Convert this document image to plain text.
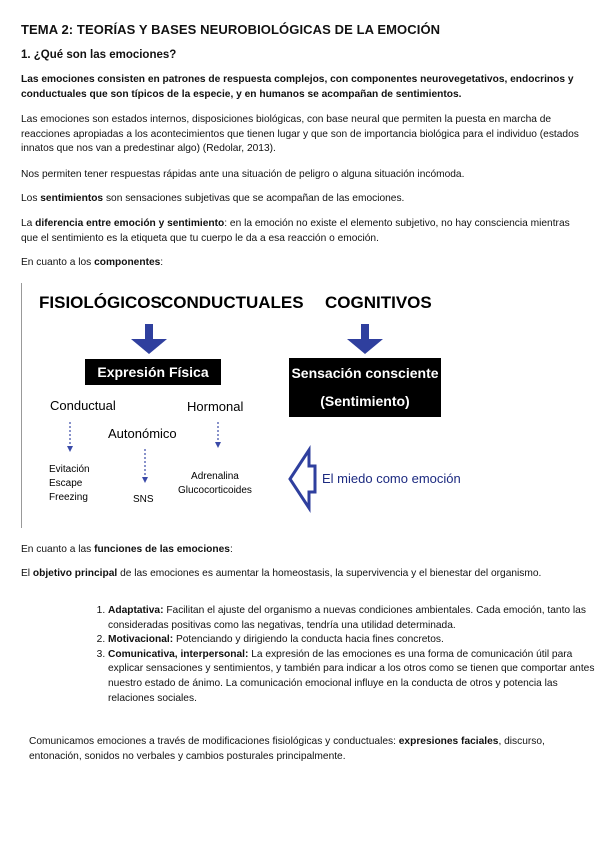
TEMA 2: TEORÍAS Y BASES NEUROBIOLÓGICAS DE LA EMOCIÓN
1. ¿Qué son las emociones?

Las emociones consisten en patrones de respuesta complejos, con componentes neurovegetativos, endocrinos y conductuales que son típicos de la especie, y en humanos se acompañan de sentimientos.

Las emociones son estados internos, disposiciones biológicas, con base neural que permiten la puesta en marcha de reacciones apropiadas a los acontecimientos que tienen lugar y que son de importancia biológica para el individuo (estados innatos que nos van a predestinar algo) (Redolar, 2013).

Nos permiten tener respuestas rápidas ante una situación de peligro o alguna situación incómoda.

Los sentimientos son sensaciones subjetivas que se acompañan de las emociones.

La diferencia entre emoción y sentimiento: en la emoción no existe el elemento subjetivo, no hay consciencia mientras que el sentimiento es la etiqueta que tu cuerpo le da a esa reacción o emoción.

En cuanto a los componentes:

FISIOLÓGICOS CONDUCTUALES COGNITIVOS
Expresión Física	Sensación consciente
(Sentimiento)
Conductual	Hormonal
Autonómico
Evitación
Escape
Freezing	SNS
Adrenalina
Glucocorticoides
El miedo como emoción

En cuanto a las funciones de las emociones:

El objetivo principal de las emociones es aumentar la homeostasis, la supervivencia y el bienestar del organismo.

1. Adaptativa: Facilitan el ajuste del organismo a nuevas condiciones ambientales. Cada emoción, tanto las consideradas positivas como las negativas, tendría una utilidad determinada.
2. Motivacional: Potenciando y dirigiendo la conducta hacia fines concretos.
3. Comunicativa, interpersonal: La expresión de las emociones es una forma de comunicación útil para explicar sensaciones y sentimientos, y también para indicar a los otros como se tienen que comportar antes nuestro estado de ánimo. La comunicación emocional influye en la conducta de otros y potencia las relaciones sociales.

Comunicamos emociones a través de modificaciones fisiológicas y conductuales: expresiones faciales, discurso, entonación, sonidos no verbales y cambios posturales principalmente.
